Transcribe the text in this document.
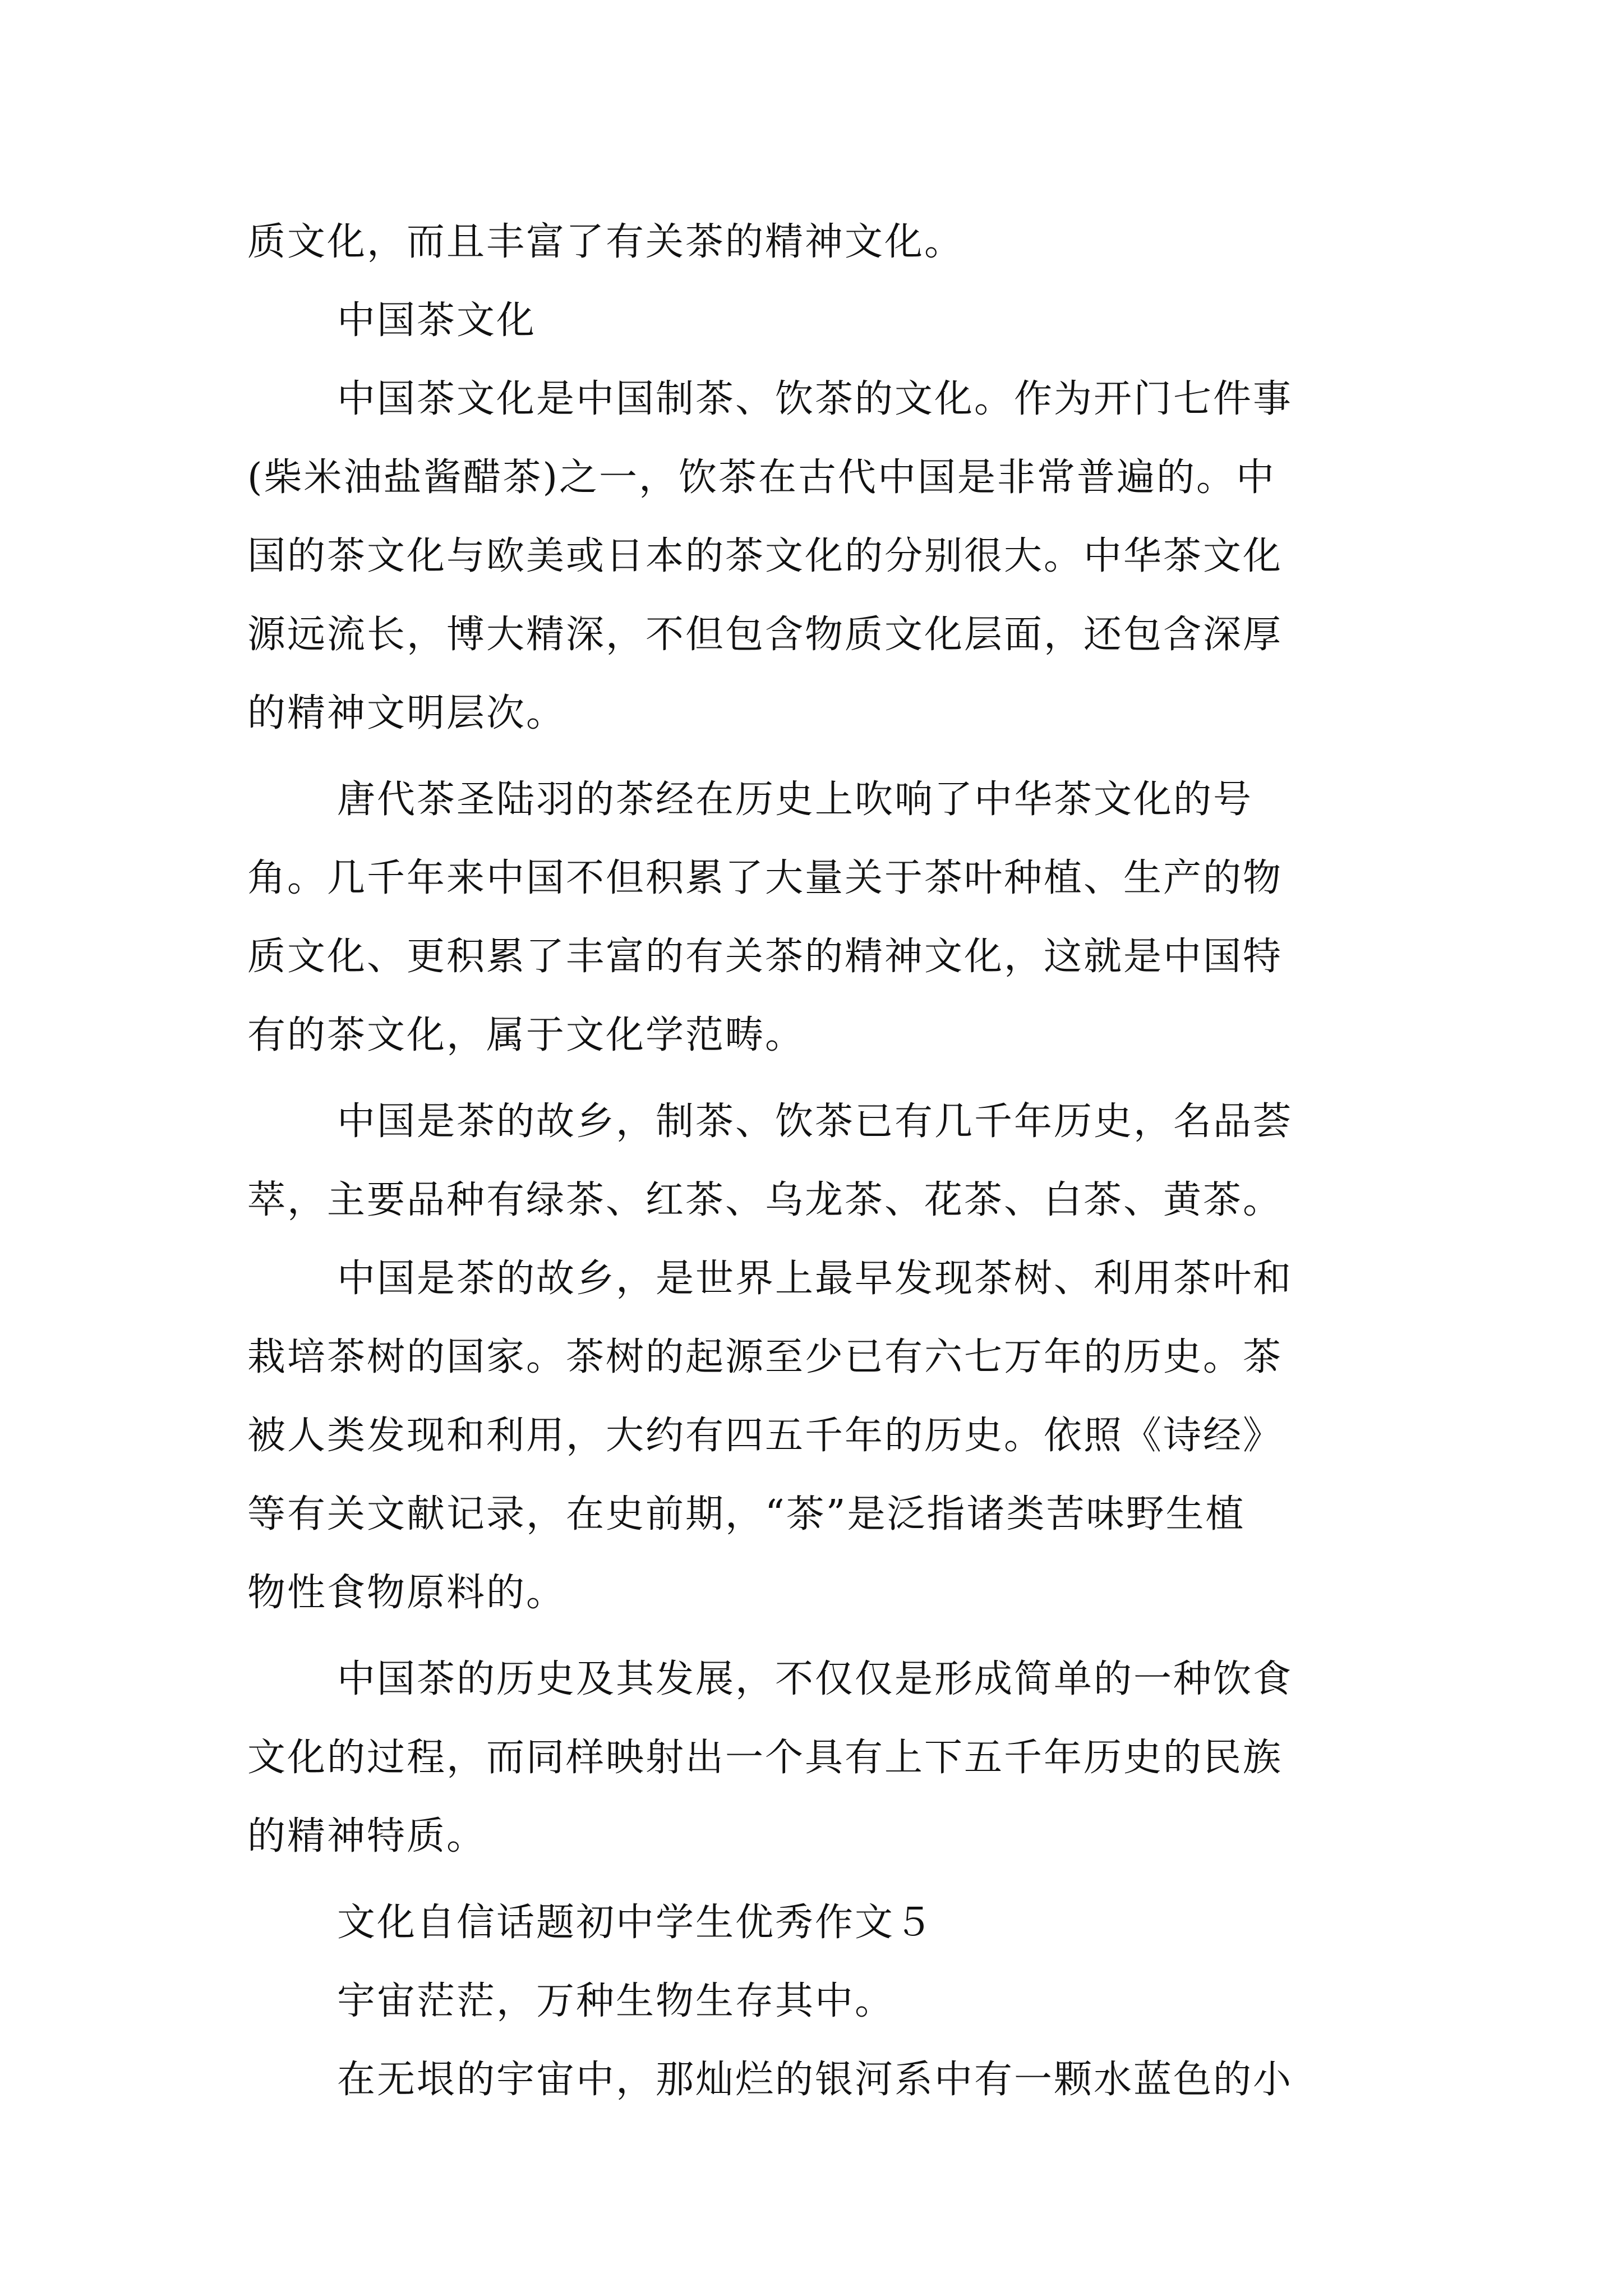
质文化，而且丰富了有关茶的精神文化。
中国茶文化
中国茶文化是中国制茶、饮茶的文化。作为开门七件事
(柴米油盐酱醋茶)之一，饮茶在古代中国是非常普遍的。中
国的茶文化与欧美或日本的茶文化的分别很大。中华茶文化
源远流长，博大精深，不但包含物质文化层面，还包含深厚
的精神文明层次。
唐代茶圣陆羽的茶经在历史上吹响了中华茶文化的号
角。几千年来中国不但积累了大量关于茶叶种植、生产的物
质文化、更积累了丰富的有关茶的精神文化，这就是中国特
有的茶文化，属于文化学范畴。
中国是茶的故乡，制茶、饮茶已有几千年历史，名品荟
萃，主要品种有绿茶、红茶、乌龙茶、花茶、白茶、黄茶。
中国是茶的故乡，是世界上最早发现茶树、利用茶叶和
栽培茶树的国家。茶树的起源至少已有六七万年的历史。茶
被人类发现和利用，大约有四五千年的历史。依照《诗经》
等有关文献记录，在史前期，“茶”是泛指诸类苦味野生植
物性食物原料的。
中国茶的历史及其发展，不仅仅是形成简单的一种饮食
文化的过程，而同样映射出一个具有上下五千年历史的民族
的精神特质。
文化自信话题初中学生优秀作文５
宇宙茫茫，万种生物生存其中。
在无垠的宇宙中，那灿烂的银河系中有一颗水蓝色的小
